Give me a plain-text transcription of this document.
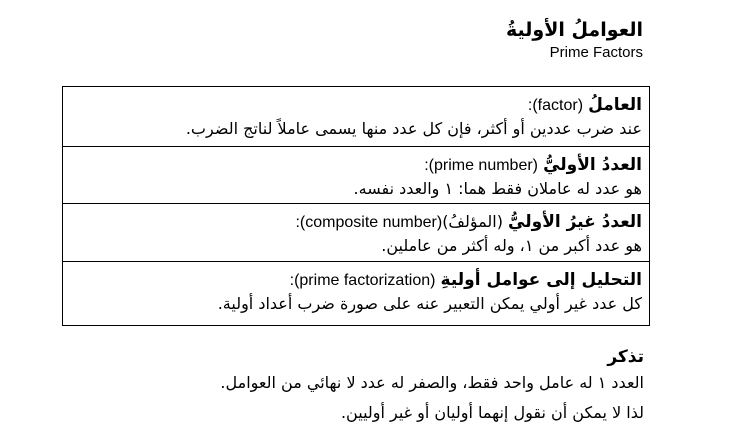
العواملُ الأوليةُ
Prime Factors
العاملُ (factor):
عند ضرب عددين أو أكثر، فإن كل عدد منها يسمى عاملاً لناتج الضرب.
العددُ الأوليُّ (prime number):
هو عدد له عاملان فقط هما: ١ والعدد نفسه.
العددُ غيرُ الأوليُّ (المؤلفُ)(composite number):
هو عدد أكبر من ١، وله أكثر من عاملين.
التحليل إلى عوامل أوليةِ (prime factorization):
كل عدد غير أولي يمكن التعبير عنه على صورة ضرب أعداد أولية.
تذكر
العدد ١ له عامل واحد فقط، والصفر له عدد لا نهائي من العوامل.
لذا لا يمكن أن نقول إنهما أوليان أو غير أوليين.
